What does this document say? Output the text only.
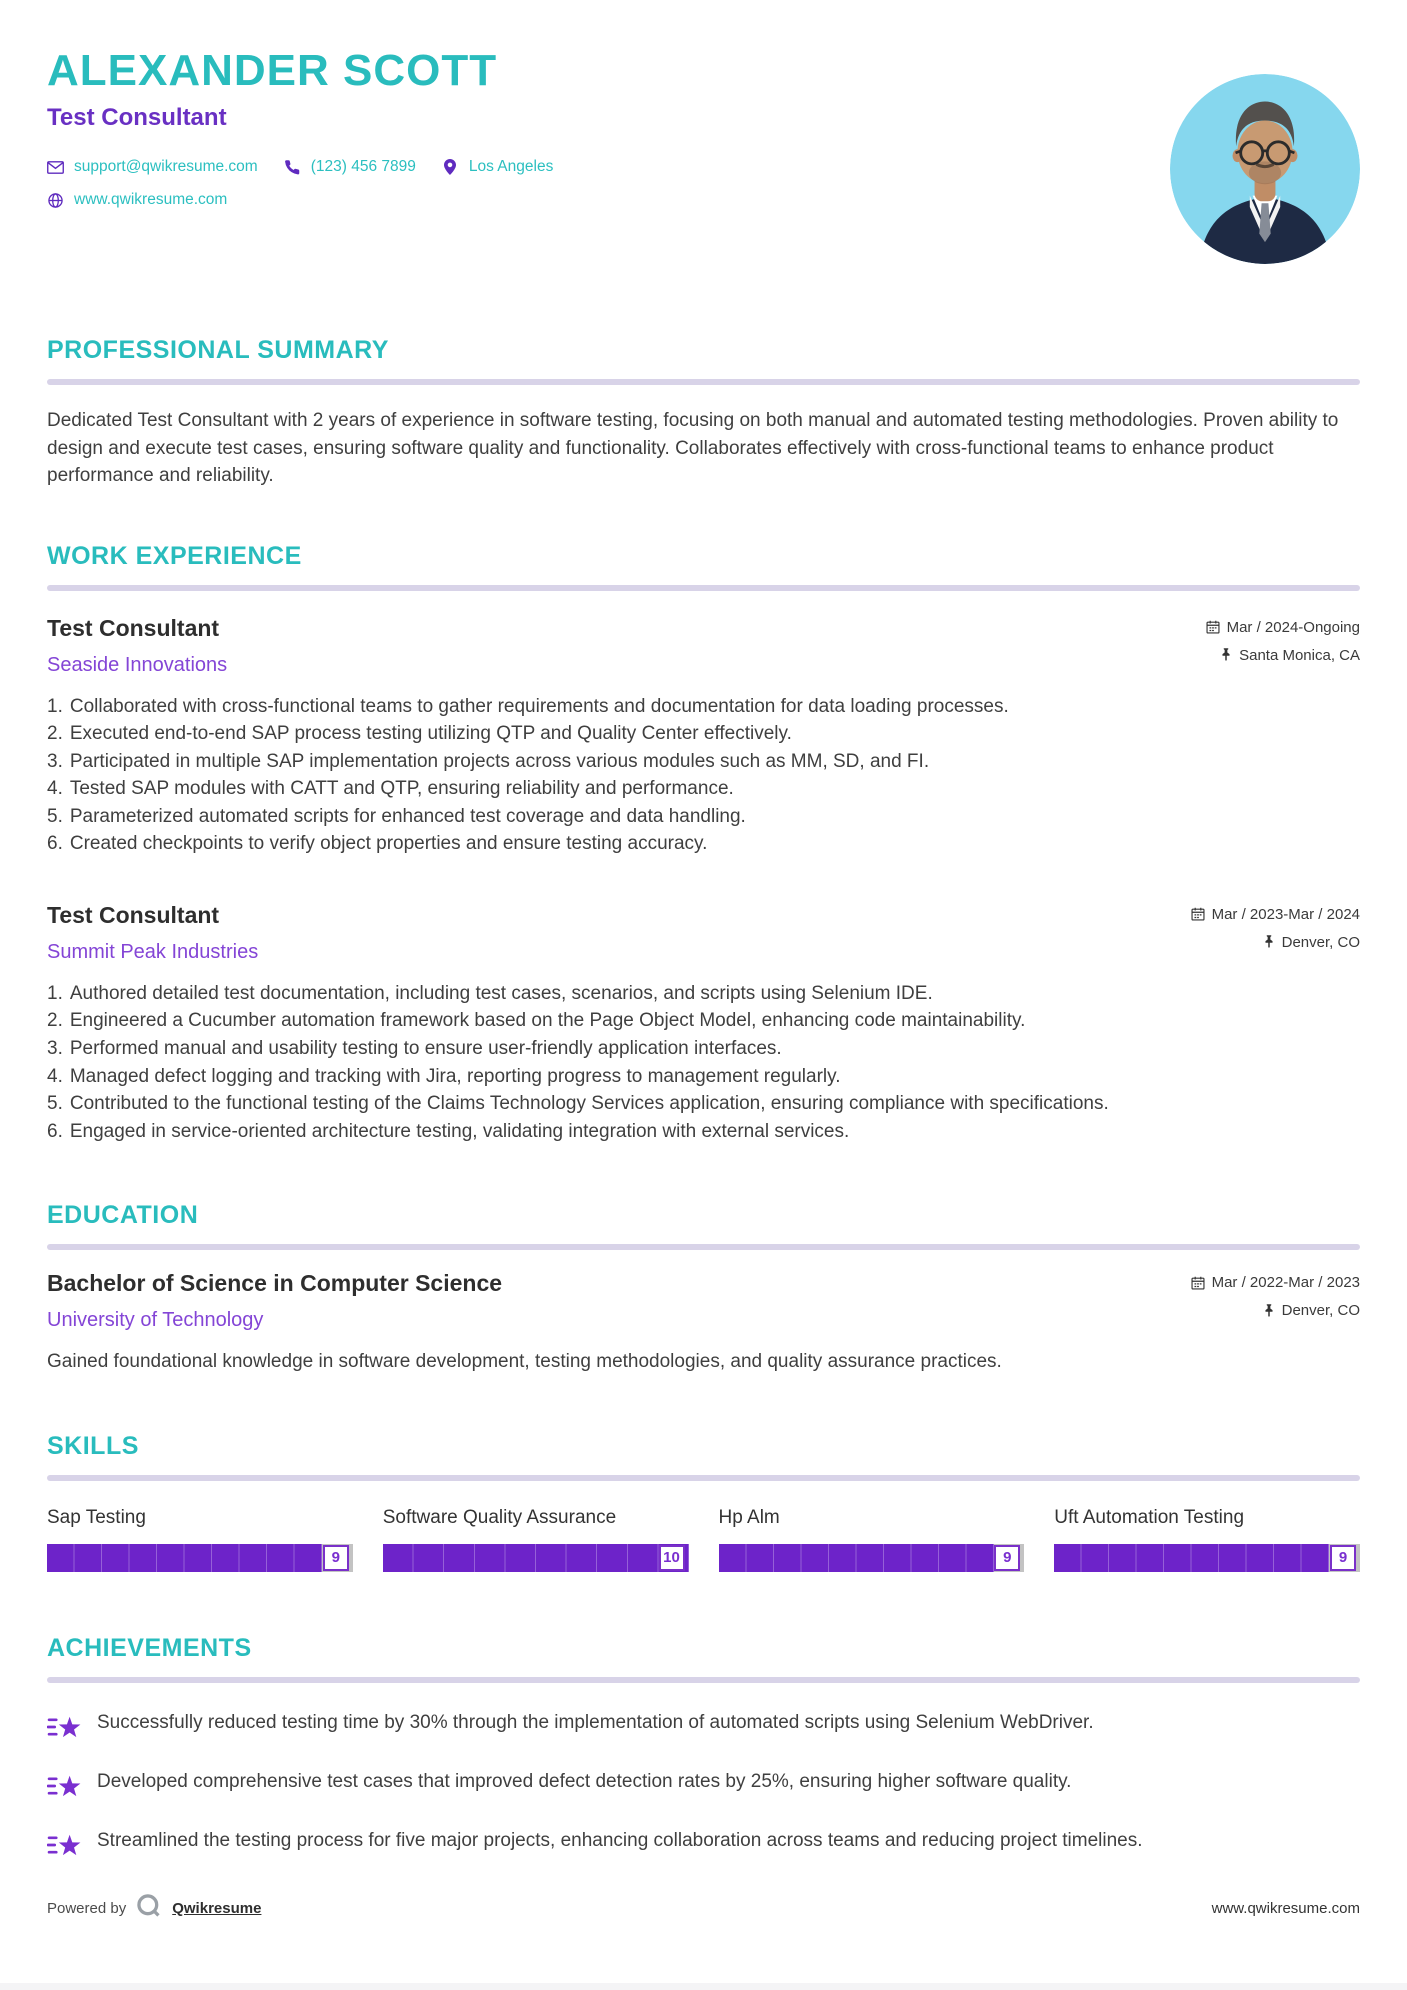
ALEXANDER SCOTT
Test Consultant
support@qwikresume.com	(123) 456 7899	Los Angeles
www.qwikresume.com
PROFESSIONAL SUMMARY
Dedicated Test Consultant with 2 years of experience in software testing, focusing on both manual and automated testing methodologies. Proven ability to design and execute test cases, ensuring software quality and functionality. Collaborates effectively with cross-functional teams to enhance product performance and reliability.
WORK EXPERIENCE
Test Consultant
Seaside Innovations
Mar / 2024-Ongoing
Santa Monica, CA
1. Collaborated with cross-functional teams to gather requirements and documentation for data loading processes.
2. Executed end-to-end SAP process testing utilizing QTP and Quality Center effectively.
3. Participated in multiple SAP implementation projects across various modules such as MM, SD, and FI.
4. Tested SAP modules with CATT and QTP, ensuring reliability and performance.
5. Parameterized automated scripts for enhanced test coverage and data handling.
6. Created checkpoints to verify object properties and ensure testing accuracy.
Test Consultant
Summit Peak Industries
Mar / 2023-Mar / 2024
Denver, CO
1. Authored detailed test documentation, including test cases, scenarios, and scripts using Selenium IDE.
2. Engineered a Cucumber automation framework based on the Page Object Model, enhancing code maintainability.
3. Performed manual and usability testing to ensure user-friendly application interfaces.
4. Managed defect logging and tracking with Jira, reporting progress to management regularly.
5. Contributed to the functional testing of the Claims Technology Services application, ensuring compliance with specifications.
6. Engaged in service-oriented architecture testing, validating integration with external services.
EDUCATION
Bachelor of Science in Computer Science
University of Technology
Mar / 2022-Mar / 2023
Denver, CO
Gained foundational knowledge in software development, testing methodologies, and quality assurance practices.
SKILLS
Sap Testing
9
Software Quality Assurance
10
Hp Alm
9
Uft Automation Testing
9
ACHIEVEMENTS
Successfully reduced testing time by 30% through the implementation of automated scripts using Selenium WebDriver.
Developed comprehensive test cases that improved defect detection rates by 25%, ensuring higher software quality.
Streamlined the testing process for five major projects, enhancing collaboration across teams and reducing project timelines.
Powered by	Qwikresume	www.qwikresume.com
